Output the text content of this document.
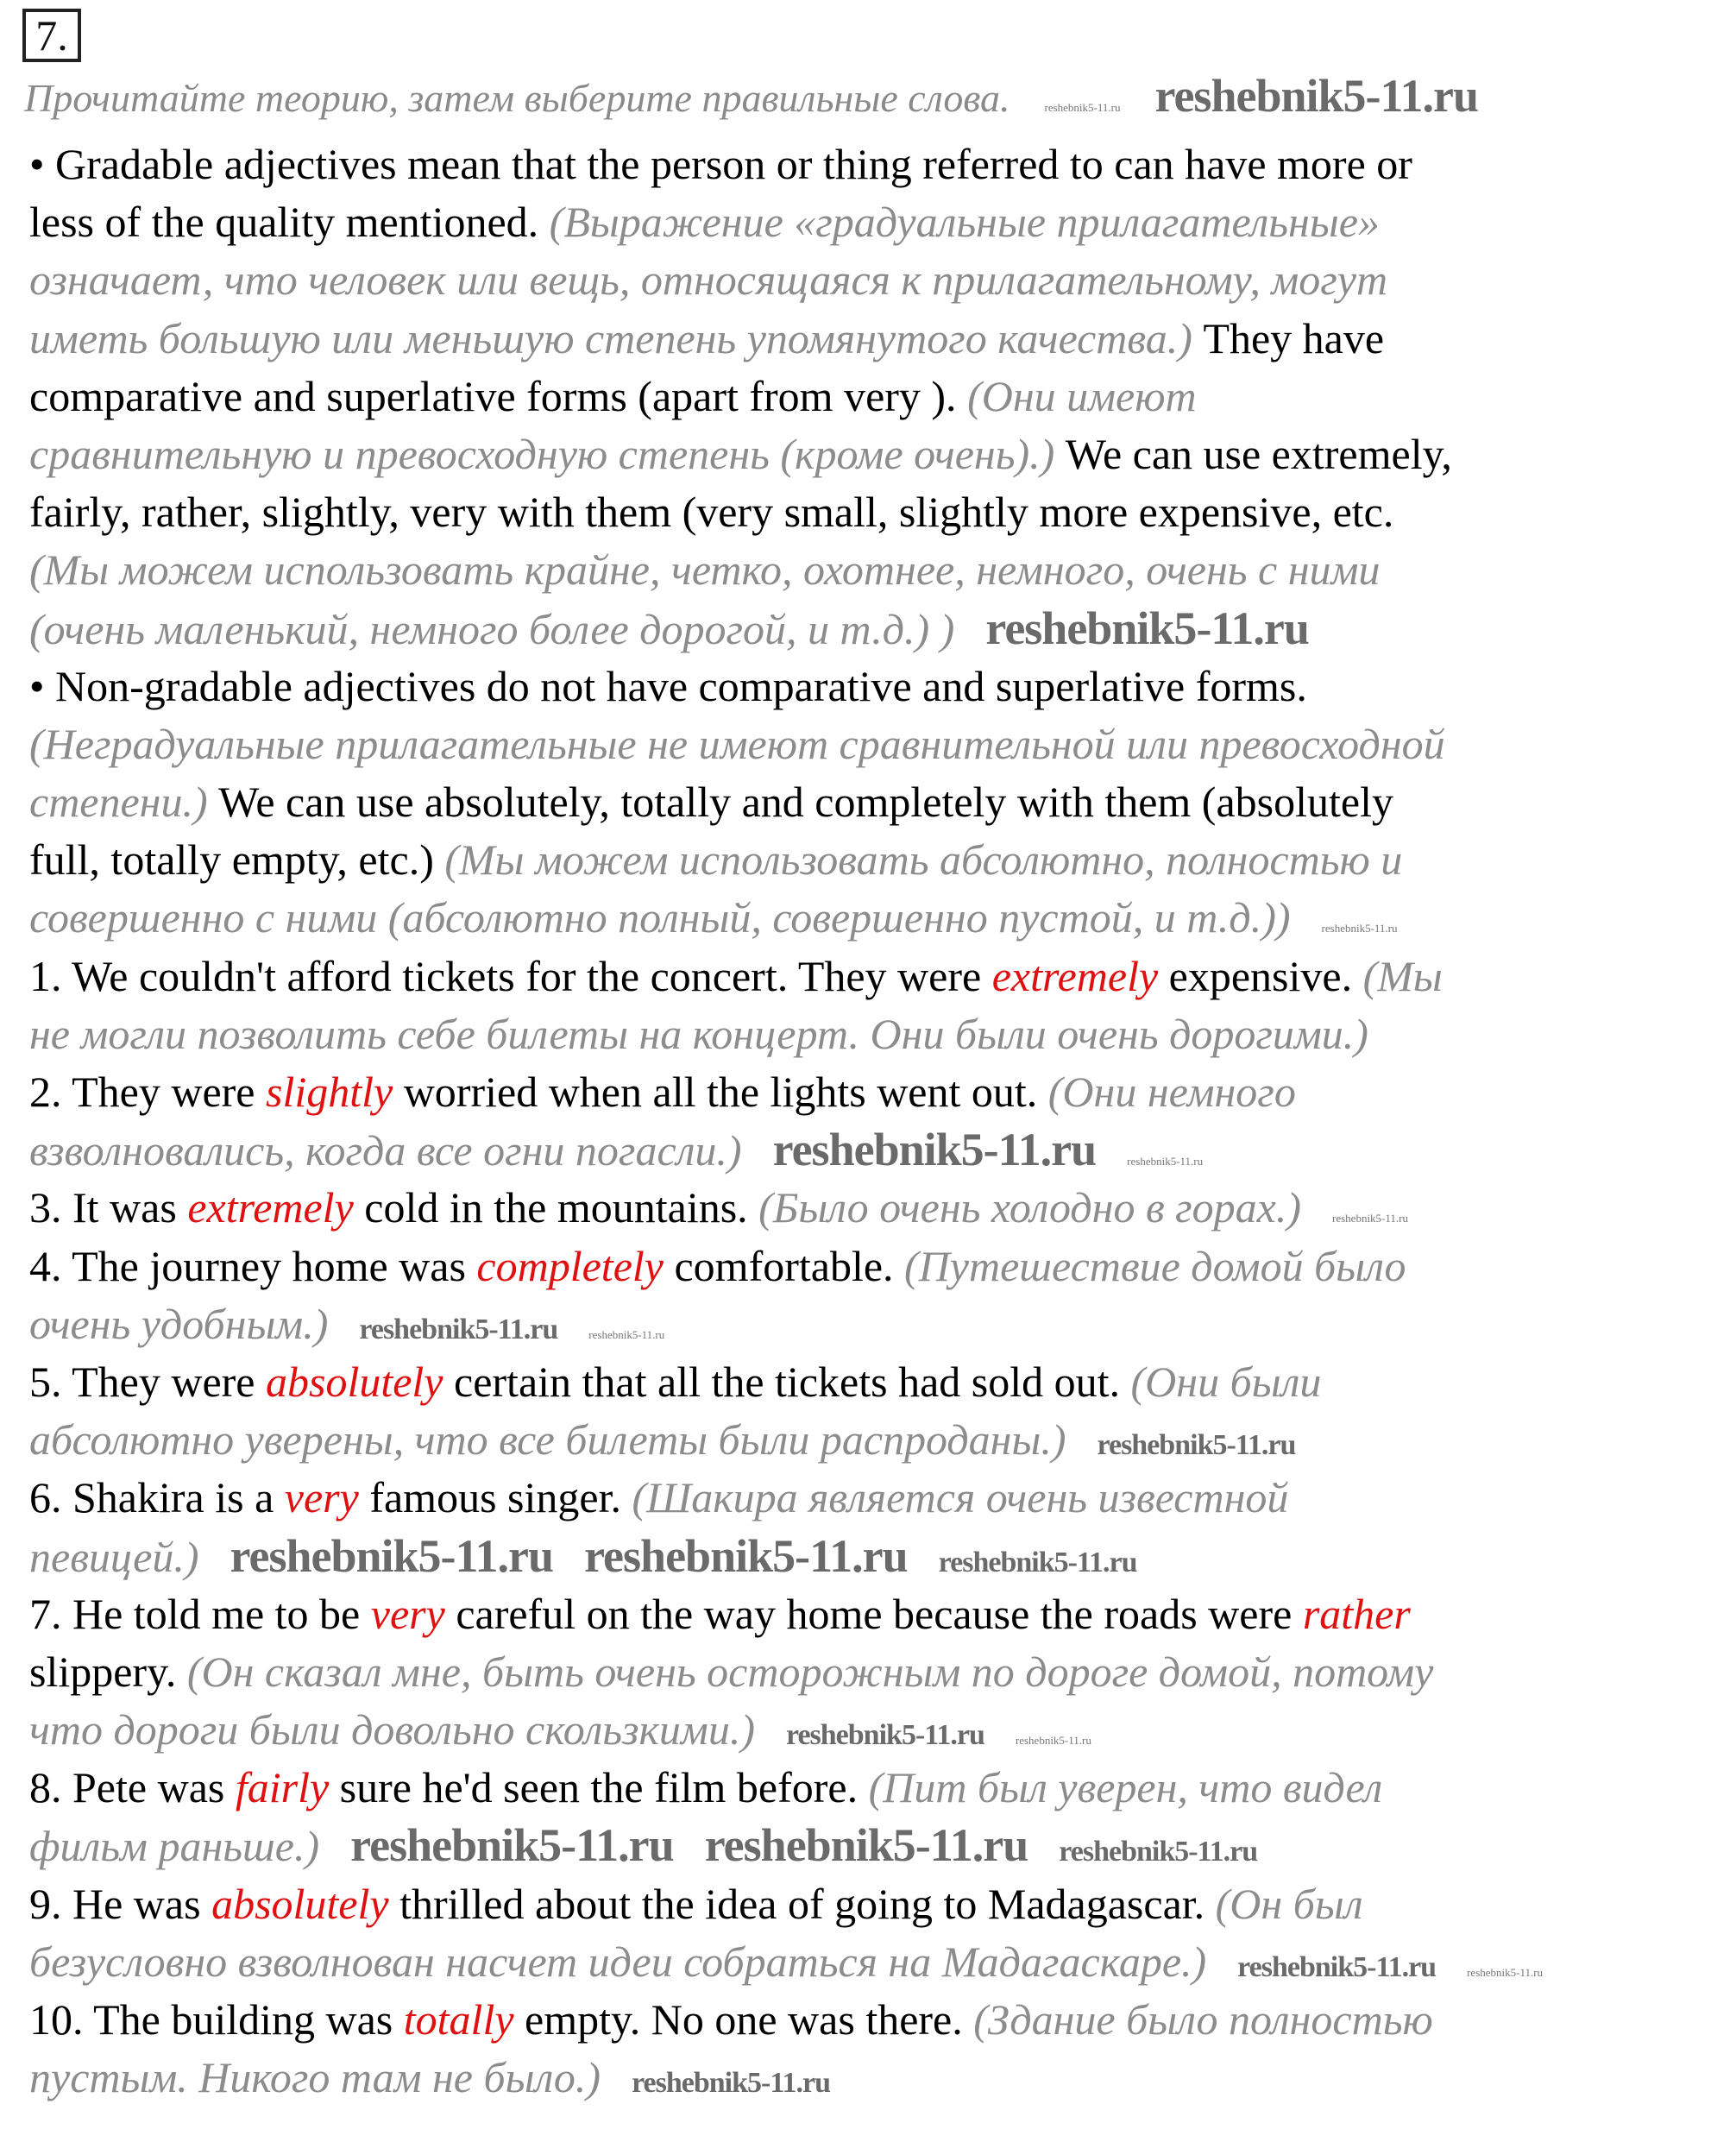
7.
Прочитайте теорию, затем выберите правильные слова.	reshebnik5-11.ru reshebnik5-11.ru
• Gradable adjectives mean that the person or thing referred to can have more or
less of the quality mentioned. (Выражение «градуальные прилагательные»
означает, что человек или вещь, относящаяся к прилагательному, могут
иметь большую или меньшую степень упомянутого качества.) They have
comparative and superlative forms (apart from very ). (Они имеют
сравнительную и превосходную степень (кроме очень).) We can use extremely,
fairly, rather, slightly, very with them (very small, slightly more expensive, etc.
(Мы можем использовать крайне, четко, охотнее, немного, очень с ними
(очень маленький, немного более дорогой, и т.д.) ) reshebnik5-11.ru
• Non-gradable adjectives do not have comparative and superlative forms.
(Неградуальные прилагательные не имеют сравнительной или превосходной
степени.) We can use absolutely, totally and completely with them (absolutely
full, totally empty, etc.) (Мы можем использовать абсолютно, полностью и
совершенно с ними (абсолютно полный, совершенно пустой, и т.д.))	reshebnik5-11.ru
1. We couldn't afford tickets for the concert. They were extremely expensive. (Мы
не могли позволить себе билеты на концерт. Они были очень дорогими.)
2. They were slightly worried when all the lights went out. (Они немного
взволновались, когда все огни погасли.) reshebnik5-11.ru	reshebnik5-11.ru
3. It was extremely cold in the mountains. (Было очень холодно в горах.)	reshebnik5-11.ru
4. The journey home was completely comfortable. (Путешествие домой было
очень удобным.) reshebnik5-11.ru	reshebnik5-11.ru
5. They were absolutely certain that all the tickets had sold out. (Они были
абсолютно уверены, что все билеты были распроданы.) reshebnik5-11.ru
6. Shakira is a very famous singer. (Шакира является очень известной
певицей.) reshebnik5-11.ru reshebnik5-11.ru reshebnik5-11.ru
7. He told me to be very careful on the way home because the roads were rather
slippery. (Он сказал мне, быть очень осторожным по дороге домой, потому
что дороги были довольно скользкими.) reshebnik5-11.ru	reshebnik5-11.ru
8. Pete was fairly sure he'd seen the film before. (Пит был уверен, что видел
фильм раньше.) reshebnik5-11.ru reshebnik5-11.ru reshebnik5-11.ru
9. He was absolutely thrilled about the idea of going to Madagascar. (Он был
безусловно взволнован насчет идеи собраться на Мадагаскаре.) reshebnik5-11.ru	reshebnik5-11.ru
10. The building was totally empty. No one was there. (Здание было полностью
пустым. Никого там не было.) reshebnik5-11.ru
